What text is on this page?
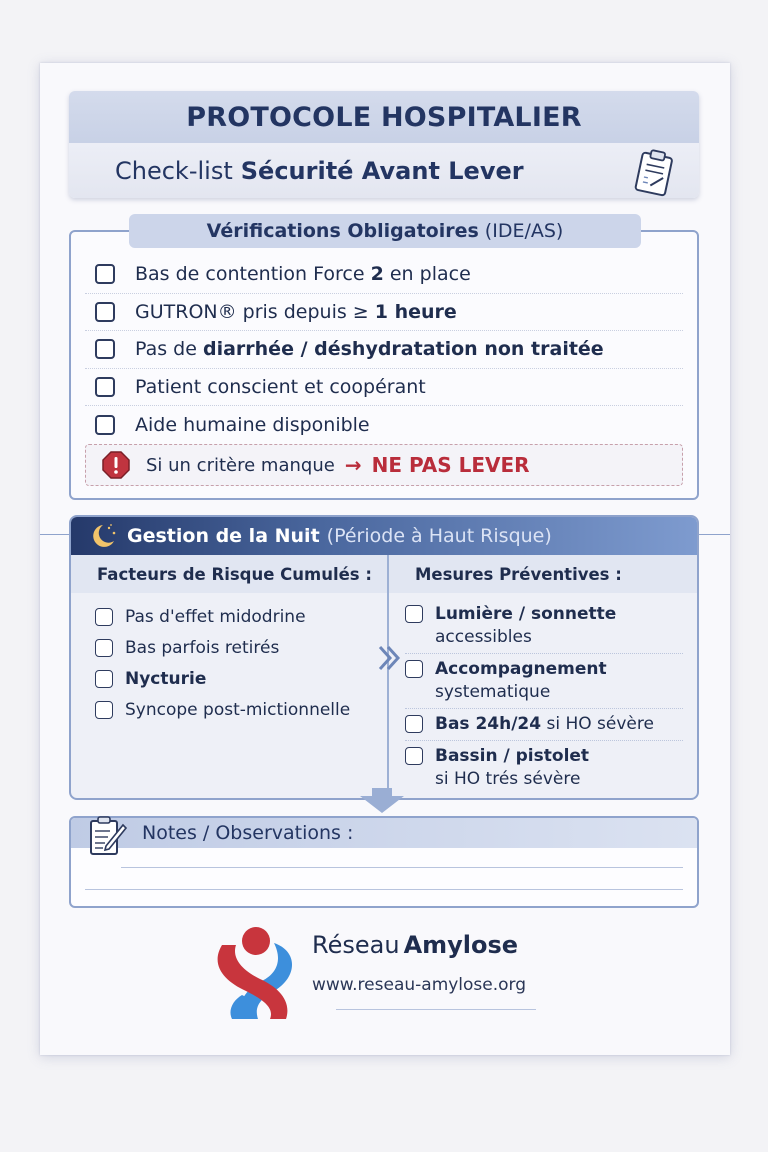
PROTOCOLE HOSPITALIER
Check-list Sécurité Avant Lever
Vérifications Obligatoires (IDE/AS)
Bas de contention Force 2 en place
GUTRON® pris depuis ≥ 1 heure
Pas de diarrhée / déshydratation non traitée
Patient conscient et coopérant
Aide humaine disponible
Si un critère manque → NE PAS LEVER
Gestion de la Nuit (Période à Haut Risque)
Facteurs de Risque Cumulés :
Pas d'effet midodrine
Bas parfois retirés
Nycturie
Syncope post-mictionnelle
Mesures Préventives :
Lumière / sonnette
accessibles
Accompagnement
systematique
Bas 24h/24 si HO sévère
Bassin / pistolet
si HO trés sévère
Notes / Observations :
Réseau Amylose
www.reseau-amylose.org
